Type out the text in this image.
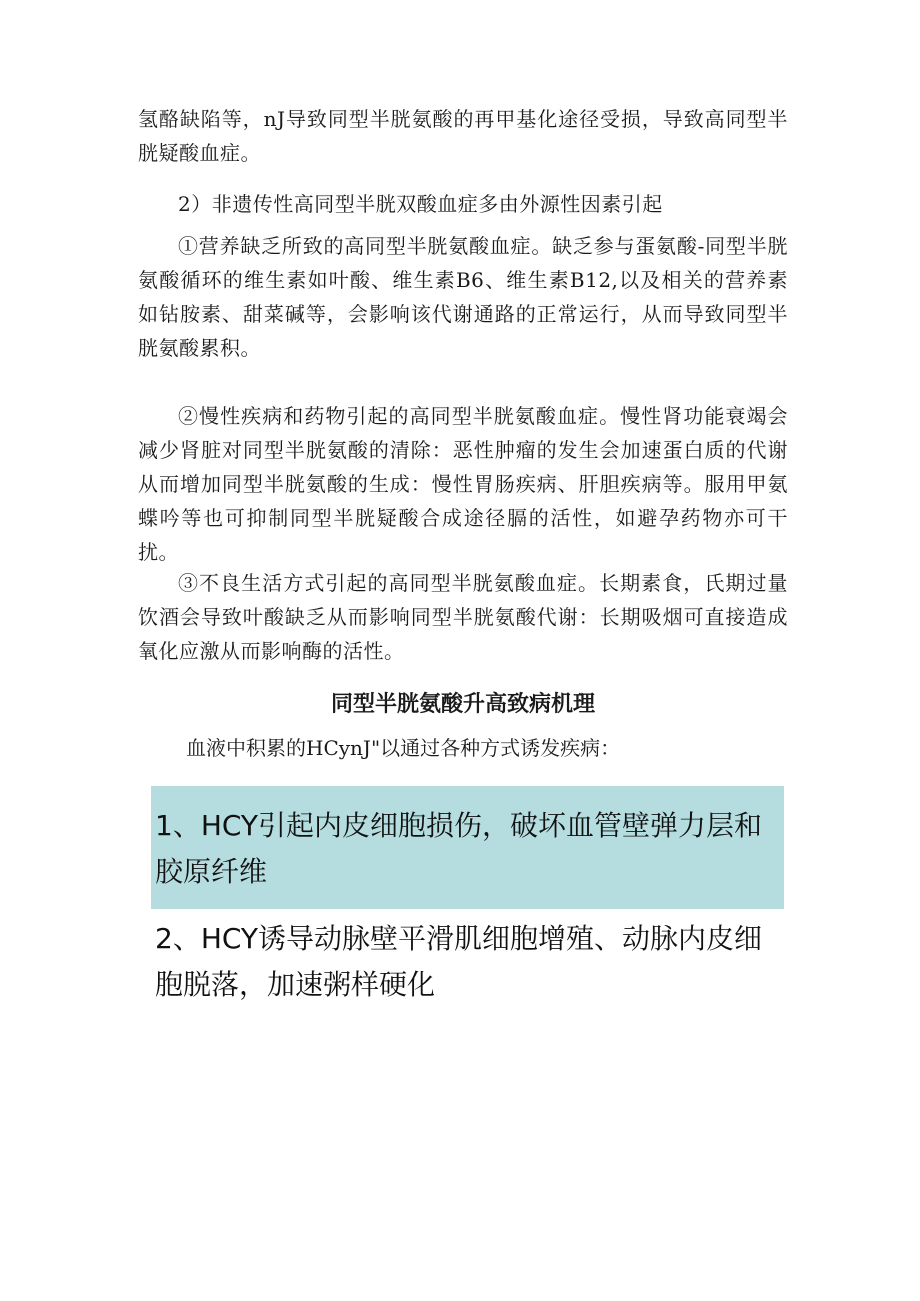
氢酪缺陷等，nJ导致同型半胱氨酸的再甲基化途径受损，导致高同型半胱疑酸血症。

2）非遗传性高同型半胱双酸血症多由外源性因素引起

①营养缺乏所致的高同型半胱氨酸血症。缺乏参与蛋氨酸-同型半胱氨酸循环的维生素如叶酸、维生素B6、维生素B12,以及相关的营养素如钻胺素、甜菜碱等，会影响该代谢通路的正常运行，从而导致同型半胱氨酸累积。

②慢性疾病和药物引起的高同型半胱氨酸血症。慢性肾功能衰竭会减少肾脏对同型半胱氨酸的清除：恶性肿瘤的发生会加速蛋白质的代谢从而增加同型半胱氨酸的生成：慢性胃肠疾病、肝胆疾病等。服用甲氨蝶吟等也可抑制同型半胱疑酸合成途径膈的活性，如避孕药物亦可干扰。

③不良生活方式引起的高同型半胱氨酸血症。长期素食，氏期过量饮酒会导致叶酸缺乏从而影响同型半胱氨酸代谢：长期吸烟可直接造成氧化应激从而影响酶的活性。

同型半胱氨酸升高致病机理

血液中积累的HCynJ"以通过各种方式诱发疾病：

1、HCY引起内皮细胞损伤，破坏血管壁弹力层和胶原纤维

2、HCY诱导动脉壁平滑肌细胞增殖、动脉内皮细胞脱落，加速粥样硬化
